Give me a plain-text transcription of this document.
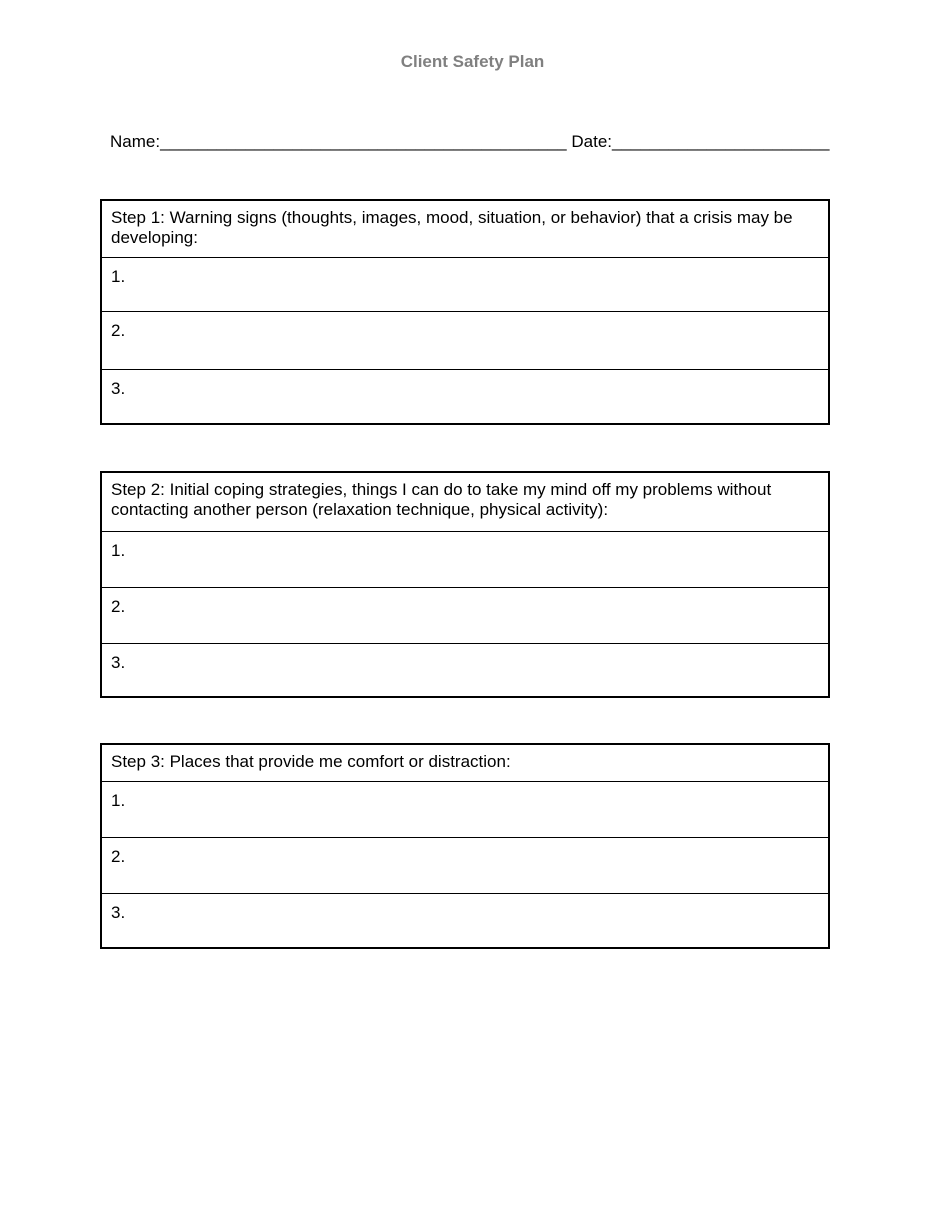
Client Safety Plan
Name:___________________________________________ Date:_______________________
Step 1: Warning signs (thoughts, images, mood, situation, or behavior) that a crisis may be developing:
1.
2.
3.
Step 2: Initial coping strategies, things I can do to take my mind off my problems without contacting another person (relaxation technique, physical activity):
1.
2.
3.
Step 3: Places that provide me comfort or distraction:
1.
2.
3.
